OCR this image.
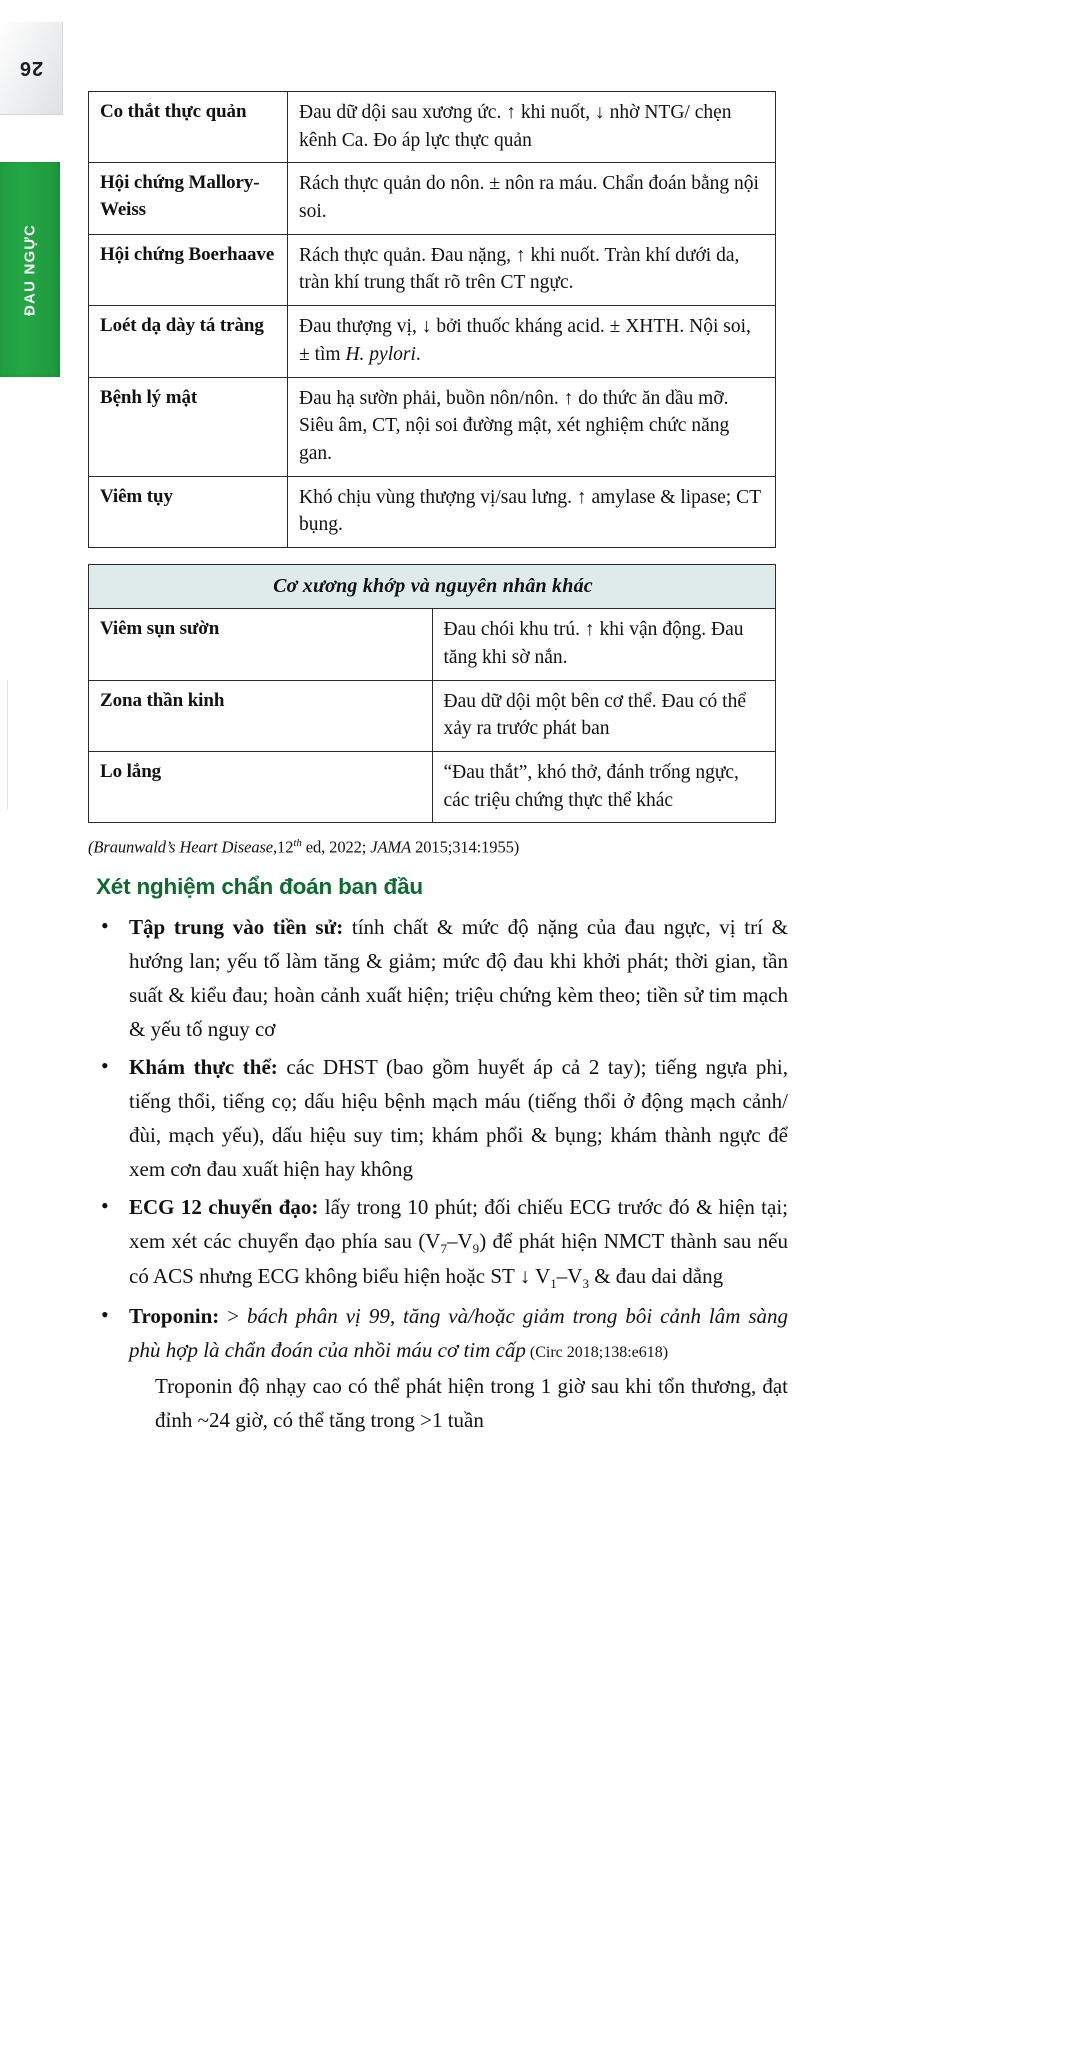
26
ĐAU NGỰC
Co thắt thực quản	Đau dữ dội sau xương ức. ↑ khi nuốt, ↓ nhờ NTG/ chẹn kênh Ca. Đo áp lực thực quản
Hội chứng Mallory-Weiss	Rách thực quản do nôn. ± nôn ra máu. Chẩn đoán bằng nội soi.
Hội chứng Boerhaave	Rách thực quản. Đau nặng, ↑ khi nuốt. Tràn khí dưới da, tràn khí trung thất rõ trên CT ngực.
Loét dạ dày tá tràng	Đau thượng vị, ↓ bởi thuốc kháng acid. ± XHTH. Nội soi, ± tìm H. pylori.
Bệnh lý mật	Đau hạ sườn phải, buồn nôn/nôn. ↑ do thức ăn dầu mỡ. Siêu âm, CT, nội soi đường mật, xét nghiệm chức năng gan.
Viêm tụy	Khó chịu vùng thượng vị/sau lưng. ↑ amylase & lipase; CT bụng.
Cơ xương khớp và nguyên nhân khác	
Viêm sụn sườn	Đau chói khu trú. ↑ khi vận động. Đau tăng khi sờ nắn.
Zona thần kinh	Đau dữ dội một bên cơ thể. Đau có thể xảy ra trước phát ban
Lo lắng	“Đau thắt”, khó thở, đánh trống ngực, các triệu chứng thực thể khác
(Braunwald’s Heart Disease,12th ed, 2022; JAMA 2015;314:1955)
Xét nghiệm chẩn đoán ban đầu
• Tập trung vào tiền sử: tính chất & mức độ nặng của đau ngực, vị trí & hướng lan; yếu tố làm tăng & giảm; mức độ đau khi khởi phát; thời gian, tần suất & kiểu đau; hoàn cảnh xuất hiện; triệu chứng kèm theo; tiền sử tim mạch & yếu tố nguy cơ
• Khám thực thể: các DHST (bao gồm huyết áp cả 2 tay); tiếng ngựa phi, tiếng thổi, tiếng cọ; dấu hiệu bệnh mạch máu (tiếng thổi ở động mạch cảnh/đùi, mạch yếu), dấu hiệu suy tim; khám phổi & bụng; khám thành ngực để xem cơn đau xuất hiện hay không
• ECG 12 chuyển đạo: lấy trong 10 phút; đối chiếu ECG trước đó & hiện tại; xem xét các chuyển đạo phía sau $(V_7-V_9)$ để phát hiện NMCT thành sau nếu có ACS nhưng ECG không biểu hiện hoặc ST ↓ $V_1-V_3$ & đau dai dẳng
• Troponin: > bách phân vị 99, tăng và/hoặc giảm trong bôi cảnh lâm sàng phù hợp là chẩn đoán của nhồi máu cơ tim cấp (Circ 2018;138:e618)
Troponin độ nhạy cao có thể phát hiện trong 1 giờ sau khi tổn thương, đạt đỉnh ~24 giờ, có thể tăng trong >1 tuần
